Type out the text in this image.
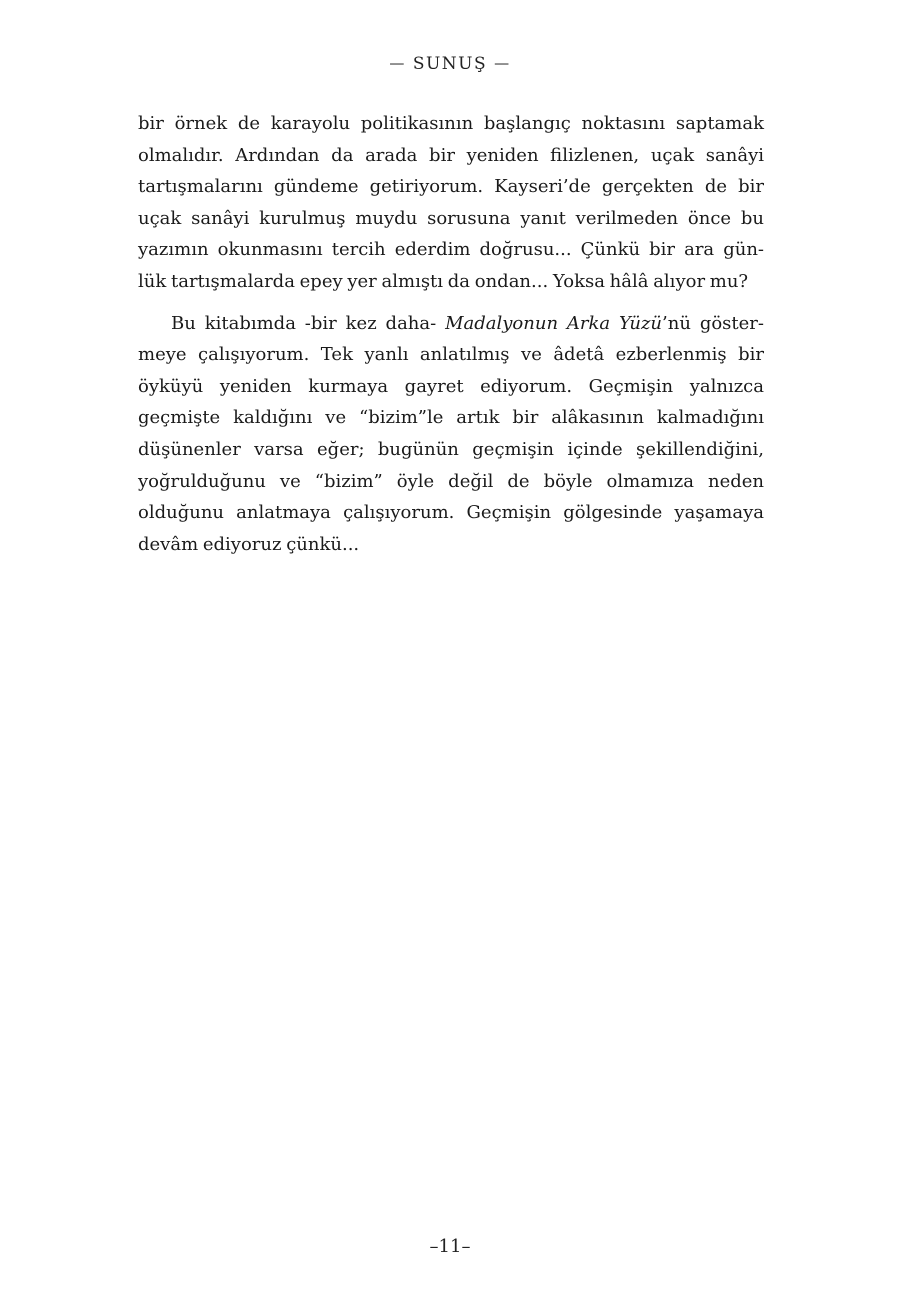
— SUNUŞ —
bir örnek de karayolu politikasının başlangıç noktasını saptamak
olmalıdır. Ardından da arada bir yeniden filizlenen, uçak sanâyi
tartışmalarını gündeme getiriyorum. Kayseri’de gerçekten de bir
uçak sanâyi kurulmuş muydu sorusuna yanıt verilmeden önce bu
yazımın okunmasını tercih ederdim doğrusu... Çünkü bir ara gün-
lük tartışmalarda epey yer almıştı da ondan... Yoksa hâlâ alıyor mu?
Bu kitabımda -bir kez daha- Madalyonun Arka Yüzü’nü göster-
meye çalışıyorum. Tek yanlı anlatılmış ve âdetâ ezberlenmiş bir
öyküyü yeniden kurmaya gayret ediyorum. Geçmişin yalnızca
geçmişte kaldığını ve “bizim”le artık bir alâkasının kalmadığını
düşünenler varsa eğer; bugünün geçmişin içinde şekillendiğini,
yoğrulduğunu ve “bizim” öyle değil de böyle olmamıza neden
olduğunu anlatmaya çalışıyorum. Geçmişin gölgesinde yaşamaya
devâm ediyoruz çünkü...
–11–
